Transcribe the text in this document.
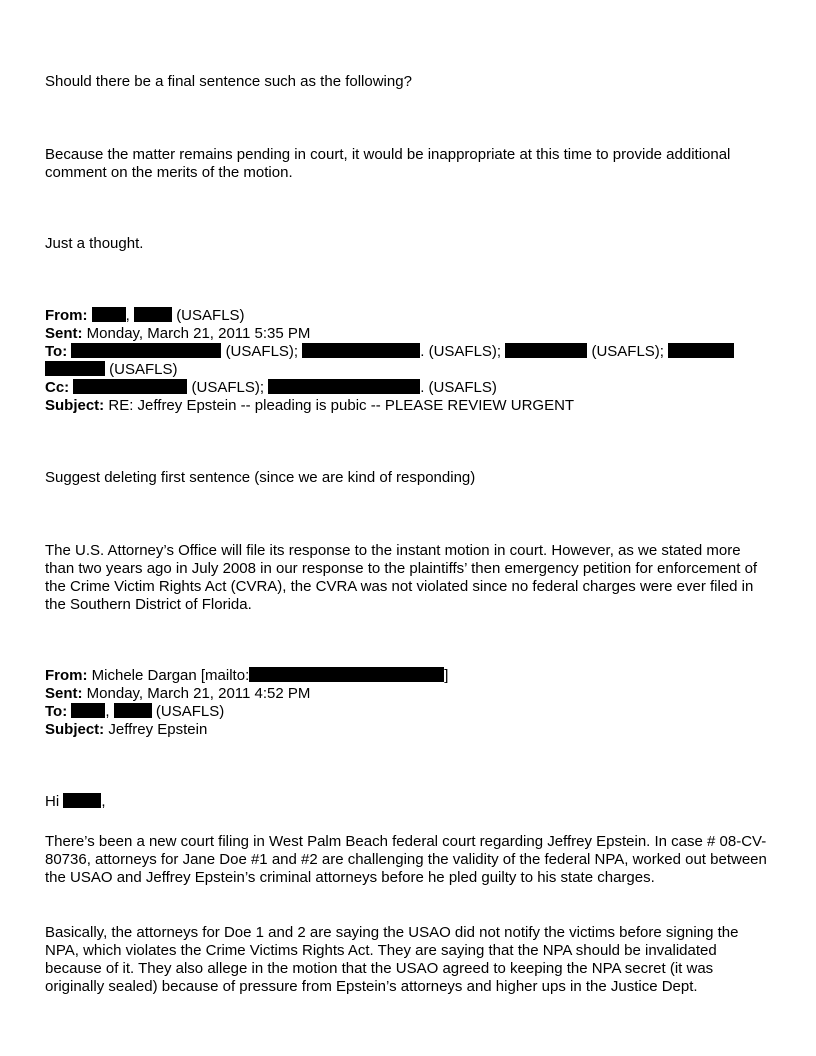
Should there be a final sentence such as the following?
Because the matter remains pending in court, it would be inappropriate at this time to provide additional comment on the merits of the motion.
Just a thought.
From:	,	(USAFLS)
Sent: Monday, March 21, 2011 5:35 PM
To:	(USAFLS);	. (USAFLS);	(USAFLS);
(USAFLS)
Cc:	(USAFLS);	. (USAFLS)
Subject: RE: Jeffrey Epstein -- pleading is pubic -- PLEASE REVIEW URGENT
Suggest deleting first sentence (since we are kind of responding)
The U.S. Attorney’s Office will file its response to the instant motion in court. However, as we stated more than two years ago in July 2008 in our response to the plaintiffs’ then emergency petition for enforcement of the Crime Victim Rights Act (CVRA), the CVRA was not violated since no federal charges were ever filed in the Southern District of Florida.
From: Michele Dargan [mailto:	]
Sent: Monday, March 21, 2011 4:52 PM
To:	,	(USAFLS)
Subject: Jeffrey Epstein
Hi	,
There’s been a new court filing in West Palm Beach federal court regarding Jeffrey Epstein. In case # 08-CV-80736, attorneys for Jane Doe #1 and #2 are challenging the validity of the federal NPA, worked out between the USAO and Jeffrey Epstein’s criminal attorneys before he pled guilty to his state charges.
Basically, the attorneys for Doe 1 and 2 are saying the USAO did not notify the victims before signing the NPA, which violates the Crime Victims Rights Act. They are saying that the NPA should be invalidated because of it. They also allege in the motion that the USAO agreed to keeping the NPA secret (it was originally sealed) because of pressure from Epstein’s attorneys and higher ups in the Justice Dept.
